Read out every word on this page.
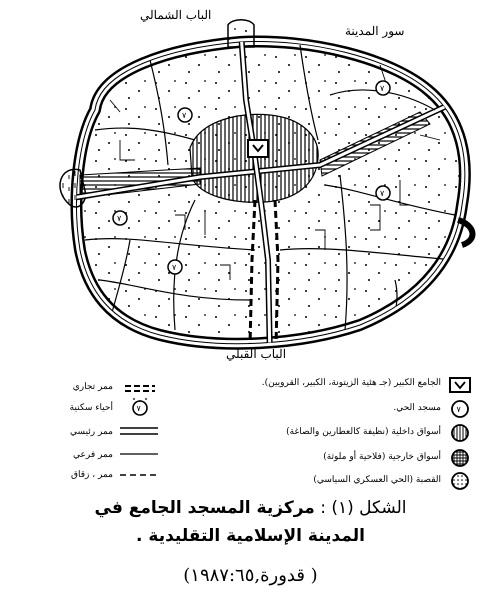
٧
٧
٧
٧
٧
الباب الشمالي
سور المدينة
الباب القبلي
٧
٧
الجامع الكبير (جـ هئية الزيتونة، الكبير، القرويين).
مسجد الحي.
أسواق داخلية (نظيفة كالعطارين والصاغة)
أسواق خارجية (فلاحية أو ملوثة)
القصبة (الحي العسكري السياسي)
ممر تجاري
أحياء سكنية
ممر رئيسي
ممر فرعي
ممر ، زقاق
الشكل (١) : مركزية المسجد الجامع في
المدينة الإسلامية التقليدية .
( قدورة,١٩٨٧:٦٥)
